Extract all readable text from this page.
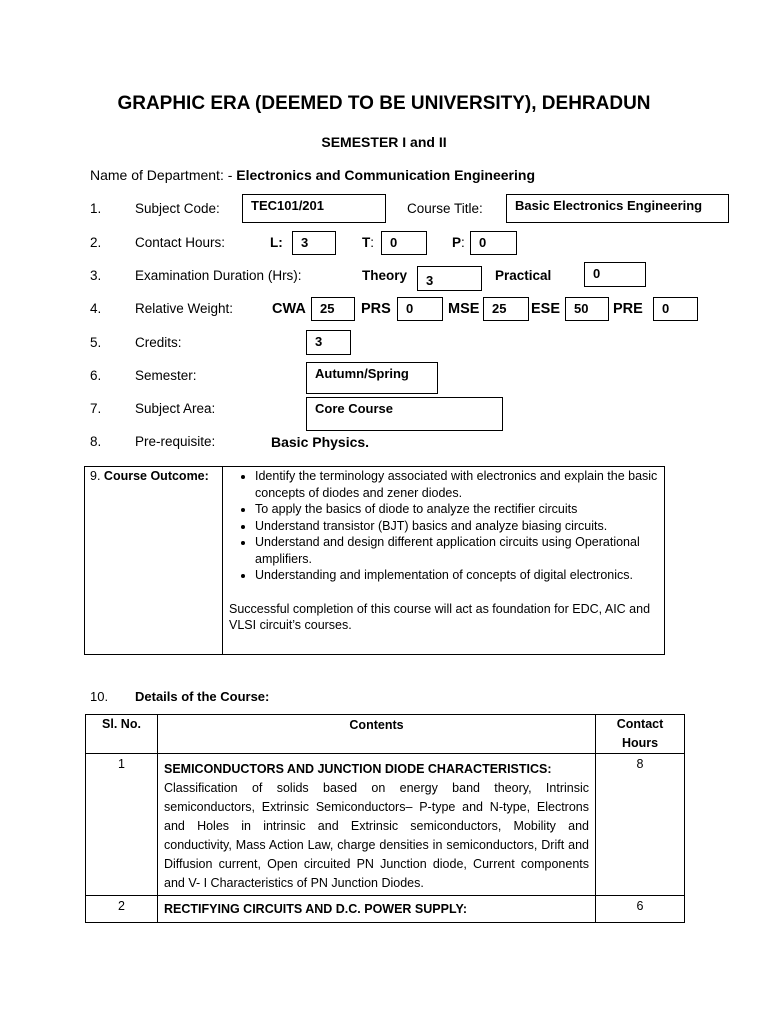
GRAPHIC ERA (DEEMED TO BE UNIVERSITY), DEHRADUN
SEMESTER I and II
Name of Department: - Electronics and Communication Engineering
1. Subject Code:	TEC101/201	Course Title:	Basic Electronics Engineering
2. Contact Hours:	L:	3	T:	0	P:	0
3. Examination Duration (Hrs):	Theory	3	Practical	0
4. Relative Weight:	CWA	25	PRS	0	MSE 25	ESE	50	PRE	0
5. Credits:	3
6. Semester:	Autumn/Spring
7. Subject Area:	Core Course
8. Pre-requisite:	Basic Physics.
9. Course Outcome:	
•Identify the terminology associated with electronics and explain the basic concepts of diodes and zener diodes.
• To apply the basics of diode to analyze the rectifier circuits
• Understand transistor (BJT) basics and analyze biasing circuits.
• Understand and design different application circuits using Operational amplifiers.
• Understanding and implementation of concepts of digital electronics.
Successful completion of this course will act as foundation for EDC, AIC and VLSI circuit’s courses.
10. Details of the Course:
Sl. No.	Contents	Contact Hours
1	SEMICONDUCTORS AND JUNCTION DIODE CHARACTERISTICS:
Classification of solids based on energy band theory, Intrinsic semiconductors, Extrinsic Semiconductors– P-type and N-type, Electrons and Holes in intrinsic and Extrinsic semiconductors, Mobility and conductivity, Mass Action Law, charge densities in semiconductors, Drift and Diffusion current, Open circuited PN Junction diode, Current components and V- I Characteristics of PN Junction Diodes.	8
2	RECTIFYING CIRCUITS AND D.C. POWER SUPPLY:	6
